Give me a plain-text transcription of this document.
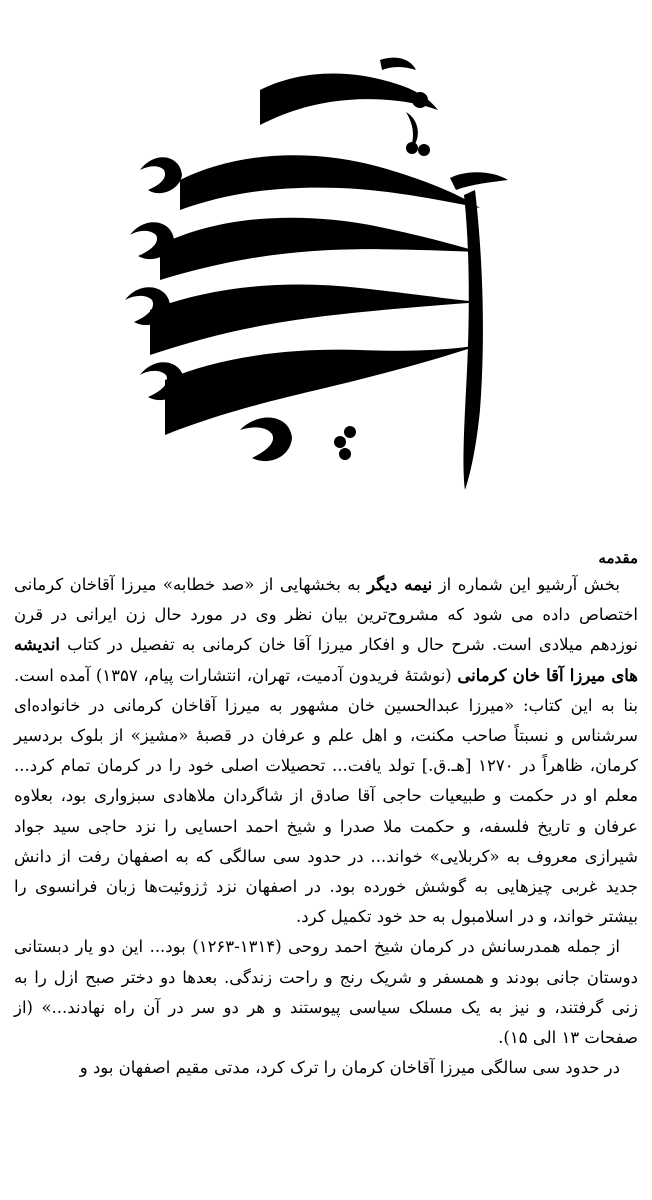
مقدمه

بخش آرشیو این شماره از نیمه دیگر به بخشهایی از «صد خطابه» میرزا آقاخان کرمانی اختصاص داده می شود که مشروح‌ترین بیان نظر وی در مورد حال زن ایرانی در قرن نوزدهم میلادی است. شرح حال و افکار میرزا آقا خان کرمانی به تفصیل در کتاب اندیشه های میرزا آقا خان کرمانی (نوشتۀ فریدون آدمیت، تهران، انتشارات پیام، ۱۳۵۷) آمده است. بنا به این کتاب: «میرزا عبدالحسین خان مشهور به میرزا آقاخان کرمانی در خانواده‌ای سرشناس و نسبتاً صاحب مکنت، و اهل علم و عرفان در قصبۀ «مشیز» از بلوک بردسیر کرمان، ظاهراً در ۱۲۷۰ [هـ.ق.] تولد یافت... تحصیلات اصلی خود را در کرمان تمام کرد... معلم او در حکمت و طبیعیات حاجی آقا صادق از شاگردان ملاهادی سبزواری بود، بعلاوه عرفان و تاریخ فلسفه، و حکمت ملا صدرا و شیخ احمد احسایی را نزد حاجی سید جواد شیرازی معروف به «کربلایی» خواند... در حدود سی سالگی که به اصفهان رفت از دانش جدید غربی چیزهایی به گوشش خورده بود. در اصفهان نزد ژزوئیت‌ها زبان فرانسوی را بیشتر خواند، و در اسلامبول به حد خود تکمیل کرد.

از جمله همدرسانش در کرمان شیخ احمد روحی (۱۳۱۴-۱۲۶۳) بود... این دو یار دبستانی دوستان جانی بودند و همسفر و شریک رنج و راحت زندگی. بعدها دو دختر صبح ازل را به زنی گرفتند، و نیز به یک مسلک سیاسی پیوستند و هر دو سر در آن راه نهادند...» (از صفحات ۱۳ الی ۱۵).

در حدود سی سالگی میرزا آقاخان کرمان را ترک کرد، مدتی مقیم اصفهان بود و
